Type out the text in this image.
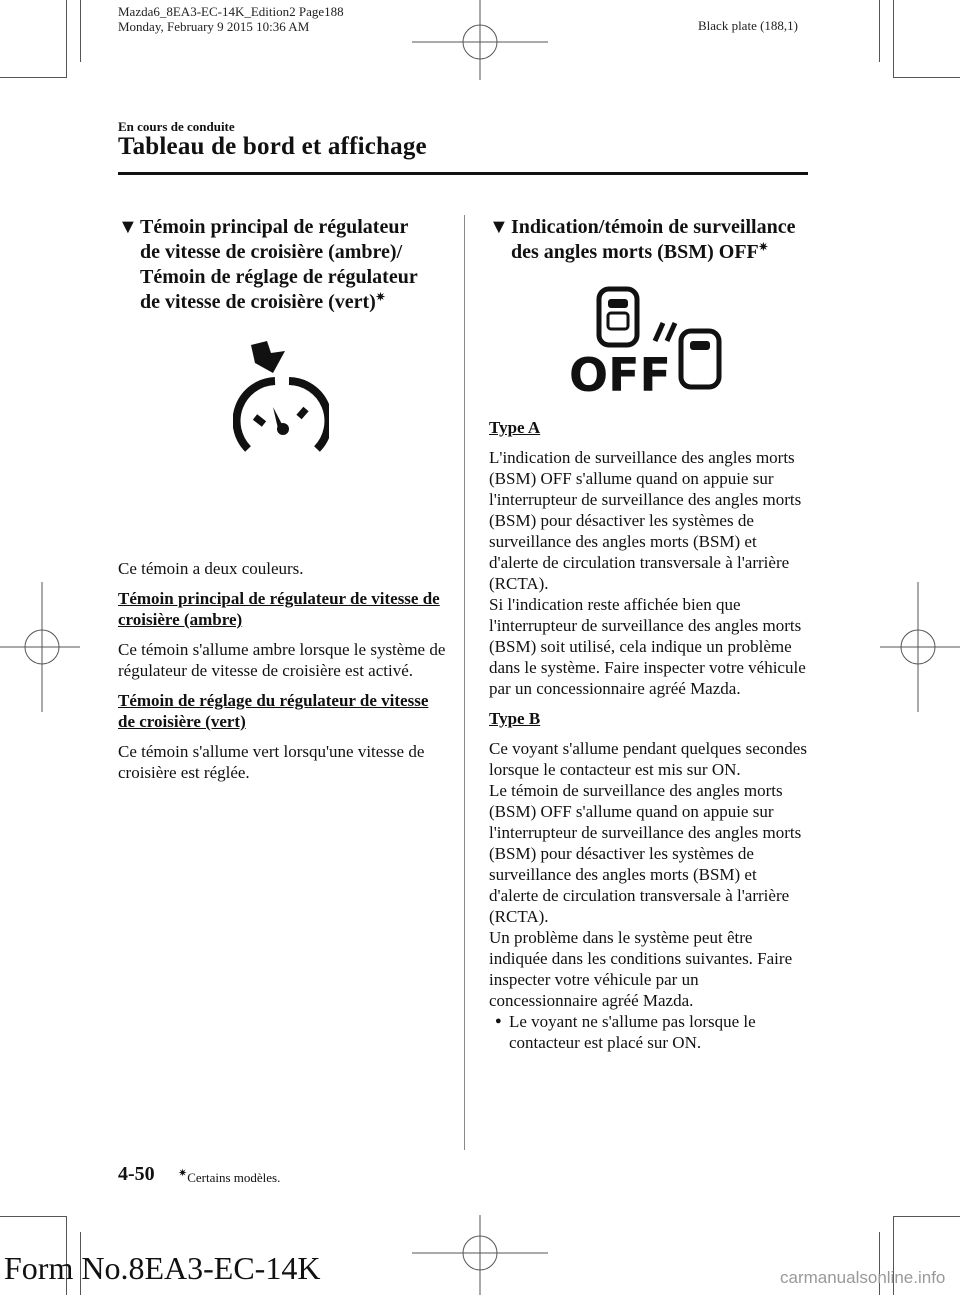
Mazda6_8EA3-EC-14K_Edition2 Page188
Monday, February 9 2015 10:36 AM	Black plate (188,1)
En cours de conduite
Tableau de bord et affichage
▼ Témoin principal de régulateur
de vitesse de croisière (ambre)/
Témoin de réglage de régulateur
de vitesse de croisière (vert)✷

Ce témoin a deux couleurs.

Témoin principal de régulateur de vitesse de croisière (ambre)

Ce témoin s'allume ambre lorsque le système de régulateur de vitesse de croisière est activé.

Témoin de réglage du régulateur de vitesse de croisière (vert)

Ce témoin s'allume vert lorsqu'une vitesse de croisière est réglée.

▼ Indication/témoin de surveillance
des angles morts (BSM) OFF✷
OFF

Type A

L'indication de surveillance des angles morts (BSM) OFF s'allume quand on appuie sur l'interrupteur de surveillance des angles morts (BSM) pour désactiver les systèmes de surveillance des angles morts (BSM) et d'alerte de circulation transversale à l'arrière (RCTA).

Si l'indication reste affichée bien que l'interrupteur de surveillance des angles morts (BSM) soit utilisé, cela indique un problème dans le système. Faire inspecter votre véhicule par un concessionnaire agréé Mazda.

Type B

Ce voyant s'allume pendant quelques secondes lorsque le contacteur est mis sur ON.

Le témoin de surveillance des angles morts (BSM) OFF s'allume quand on appuie sur l'interrupteur de surveillance des angles morts (BSM) pour désactiver les systèmes de surveillance des angles morts (BSM) et d'alerte de circulation transversale à l'arrière (RCTA).

Un problème dans le système peut être indiquée dans les conditions suivantes. Faire inspecter votre véhicule par un concessionnaire agréé Mazda.

● Le voyant ne s'allume pas lorsque le contacteur est placé sur ON.
4-50 ✷Certains modèles.
Form No.8EA3-EC-14K	carmanualsonline.info
